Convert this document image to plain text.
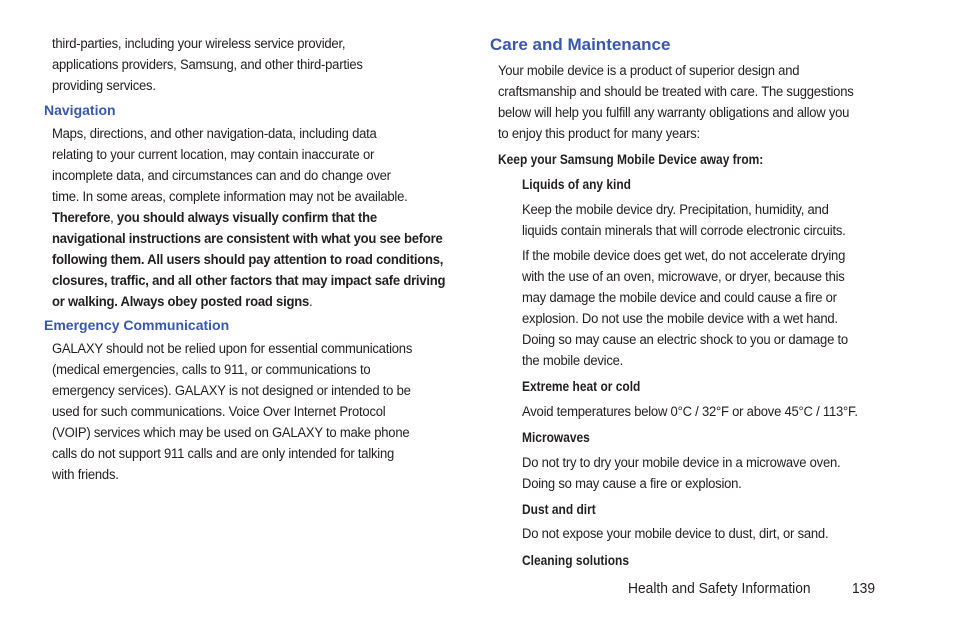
third-parties, including your wireless service provider,
applications providers, Samsung, and other third-parties
providing services.
Navigation
Maps, directions, and other navigation-data, including data
relating to your current location, may contain inaccurate or
incomplete data, and circumstances can and do change over
time. In some areas, complete information may not be available.
Therefore, you should always visually confirm that the
navigational instructions are consistent with what you see before
following them. All users should pay attention to road conditions,
closures, traffic, and all other factors that may impact safe driving
or walking. Always obey posted road signs.
Emergency Communication
GALAXY should not be relied upon for essential communications
(medical emergencies, calls to 911, or communications to
emergency services). GALAXY is not designed or intended to be
used for such communications. Voice Over Internet Protocol
(VOIP) services which may be used on GALAXY to make phone
calls do not support 911 calls and are only intended for talking
with friends.
Care and Maintenance
Your mobile device is a product of superior design and
craftsmanship and should be treated with care. The suggestions
below will help you fulfill any warranty obligations and allow you
to enjoy this product for many years:
Keep your Samsung Mobile Device away from:
Liquids of any kind
Keep the mobile device dry. Precipitation, humidity, and
liquids contain minerals that will corrode electronic circuits.
If the mobile device does get wet, do not accelerate drying
with the use of an oven, microwave, or dryer, because this
may damage the mobile device and could cause a fire or
explosion. Do not use the mobile device with a wet hand.
Doing so may cause an electric shock to you or damage to
the mobile device.
Extreme heat or cold
Avoid temperatures below 0°C / 32°F or above 45°C / 113°F.
Microwaves
Do not try to dry your mobile device in a microwave oven.
Doing so may cause a fire or explosion.
Dust and dirt
Do not expose your mobile device to dust, dirt, or sand.
Cleaning solutions
Health and Safety Information	139
